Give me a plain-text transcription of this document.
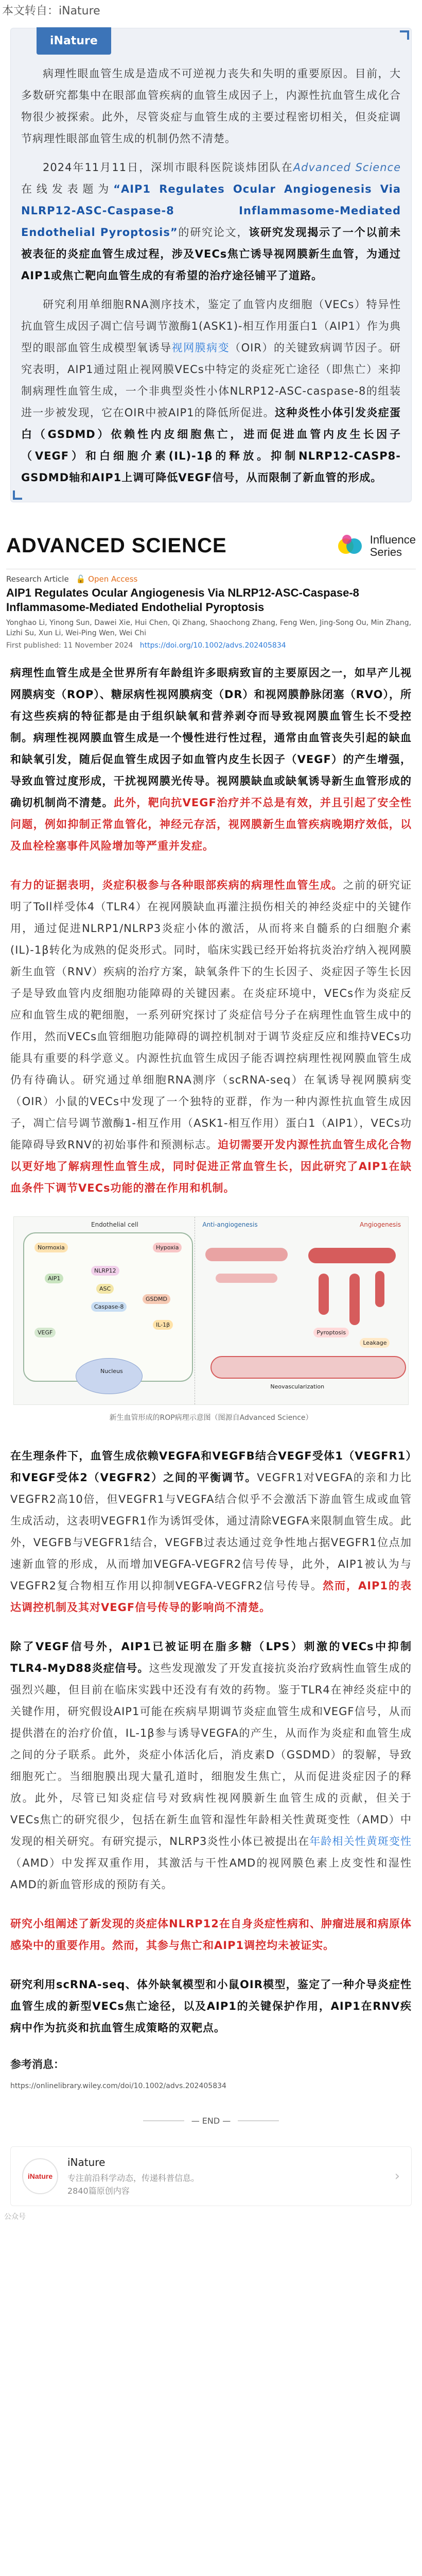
本文转自：iNature
iNature

病理性眼血管生成是造成不可逆视力丧失和失明的重要原因。目前，大多数研究都集中在眼部血管疾病的血管生成因子上，内源性抗血管生成化合物很少被探索。此外，尽管炎症与血管生成的主要过程密切相关，但炎症调节病理性眼部血管生成的机制仍然不清楚。

2024年11月11日，深圳市眼科医院谈炜团队在Advanced Science在线发表题为“AIP1 Regulates Ocular Angiogenesis Via NLRP12-ASC-Caspase-8 Inflammasome-Mediated Endothelial Pyroptosis”的研究论文，该研究发现揭示了一个以前未被表征的炎症血管生成过程，涉及VECs焦亡诱导视网膜新生血管，为通过AIP1或焦亡靶向血管生成的有希望的治疗途径铺平了道路。

研究利用单细胞RNA测序技术，鉴定了血管内皮细胞（VECs）特异性抗血管生成因子凋亡信号调节激酶1(ASK1)-相互作用蛋白1（AIP1）作为典型的眼部血管生成模型氧诱导视网膜病变（OIR）的关键致病调节因子。研究表明，AIP1通过阻止视网膜VECs中特定的炎症死亡途径（即焦亡）来抑制病理性血管生成，一个非典型炎性小体NLRP12-ASC-caspase-8的组装进一步被发现，它在OIR中被AIP1的降低所促进。这种炎性小体引发炎症蛋白（GSDMD）依赖性内皮细胞焦亡，进而促进血管内皮生长因子（VEGF）和白细胞介素(IL)-1β的释放。抑制NLRP12-CASP8-GSDMD轴和AIP1上调可降低VEGF信号，从而限制了新血管的形成。

ADVANCED SCIENCE	Influence
Series
Research Article 🔓 Open Access
AIP1 Regulates Ocular Angiogenesis Via NLRP12-ASC-Caspase-8 Inflammasome-Mediated Endothelial Pyroptosis
Yonghao Li, Yinong Sun, Dawei Xie, Hui Chen, Qi Zhang, Shaochong Zhang, Feng Wen, Jing-Song Ou, Min Zhang, Lizhi Su, Xun Li, Wei-Ping Wen, Wei Chi
First published: 11 November 2024 https://doi.org/10.1002/advs.202405834

病理性血管生成是全世界所有年龄组许多眼病致盲的主要原因之一，如早产儿视网膜病变（ROP）、糖尿病性视网膜病变（DR）和视网膜静脉闭塞（RVO），所有这些疾病的特征都是由于组织缺氧和营养剥夺而导致视网膜血管生长不受控制。病理性视网膜血管生成是一个慢性进行性过程，通常由血管丧失引起的缺血和缺氧引发，随后促血管生成因子如血管内皮生长因子（VEGF）的产生增强，导致血管过度形成，干扰视网膜光传导。视网膜缺血或缺氧诱导新生血管形成的确切机制尚不清楚。此外，靶向抗VEGF治疗并不总是有效，并且引起了安全性问题，例如抑制正常血管化，神经元存活，视网膜新生血管疾病晚期疗效低，以及血栓栓塞事件风险增加等严重并发症。

有力的证据表明，炎症积极参与各种眼部疾病的病理性血管生成。之前的研究证明了Toll样受体4（TLR4）在视网膜缺血再灌注损伤相关的神经炎症中的关键作用，通过促进NLRP1/NLRP3炎症小体的激活，从而将来自髓系的白细胞介素(IL)-1β转化为成熟的促炎形式。同时，临床实践已经开始将抗炎治疗纳入视网膜新生血管（RNV）疾病的治疗方案，缺氧条件下的生长因子、炎症因子等生长因子是导致血管内皮细胞功能障碍的关键因素。在炎症环境中，VECs作为炎症反应和血管生成的靶细胞，一系列研究探讨了炎症信号分子在病理性血管生成中的作用，然而VECs血管细胞功能障碍的调控机制对于调节炎症反应和维持VECs功能具有重要的科学意义。内源性抗血管生成因子能否调控病理性视网膜血管生成仍有待确认。研究通过单细胞RNA测序（scRNA-seq）在氧诱导视网膜病变（OIR）小鼠的VECs中发现了一个独特的亚群，作为一种内源性抗血管生成因子，凋亡信号调节激酶1-相互作用（ASK1-相互作用）蛋白1（AIP1），VECs功能障碍导致RNV的初始事件和预测标志。迫切需要开发内源性抗血管生成化合物以更好地了解病理性血管生成，同时促进正常血管生长，因此研究了AIP1在缺血条件下调节VECs功能的潜在作用和机制。

Endothelial cell
Normoxia	Hypoxia
AIP1
NLRP12
ASC
Caspase-8
GSDMD
IL-1β
VEGF
Nucleus
Anti-angiogenesis	Angiogenesis
Pyroptosis
Leakage
Neovascularization
新生血管形成的ROP病理示意图（图源自Advanced Science）

在生理条件下，血管生成依赖VEGFA和VEGFB结合VEGF受体1（VEGFR1）和VEGF受体2（VEGFR2）之间的平衡调节。VEGFR1对VEGFA的亲和力比VEGFR2高10倍，但VEGFR1与VEGFA结合似乎不会激活下游血管生成或血管生成活动，这表明VEGFR1作为诱饵受体，通过清除VEGFA来限制血管生成。此外，VEGFB与VEGFR1结合，VEGFB过表达通过竞争性地占据VEGFR1位点加速新血管的形成，从而增加VEGFA-VEGFR2信号传导，此外，AIP1被认为与VEGFR2复合物相互作用以抑制VEGFA-VEGFR2信号传导。然而，AIP1的表达调控机制及其对VEGF信号传导的影响尚不清楚。

除了VEGF信号外，AIP1已被证明在脂多糖（LPS）刺激的VECs中抑制TLR4-MyD88炎症信号。这些发现激发了开发直接抗炎治疗致病性血管生成的强烈兴趣，但目前在临床实践中还没有有效的药物。鉴于TLR4在神经炎症中的关键作用，研究假设AIP1可能在疾病早期调节炎症血管生成和VEGF信号，从而提供潜在的治疗价值，IL-1β参与诱导VEGFA的产生，从而作为炎症和血管生成之间的分子联系。此外，炎症小体活化后，消皮素D（GSDMD）的裂解，导致细胞死亡。当细胞膜出现大量孔道时，细胞发生焦亡，从而促进炎症因子的释放。此外，尽管已知炎症信号对致病性视网膜新生血管生成的贡献，但关于VECs焦亡的研究很少，包括在新生血管和湿性年龄相关性黄斑变性（AMD）中发现的相关研究。有研究提示，NLRP3炎性小体已被提出在年龄相关性黄斑变性（AMD）中发挥双重作用，其激活与干性AMD的视网膜色素上皮变性和湿性AMD的新血管形成的预防有关。

研究小组阐述了新发现的炎症体NLRP12在自身炎症性病和、肿瘤进展和病原体感染中的重要作用。然而，其参与焦亡和AIP1调控均未被证实。

研究利用scRNA-seq、体外缺氧模型和小鼠OIR模型，鉴定了一种介导炎症性血管生成的新型VECs焦亡途径，以及AIP1的关键保护作用，AIP1在RNV疾病中作为抗炎和抗血管生成策略的双靶点。

参考消息：
https://onlinelibrary.wiley.com/doi/10.1002/advs.202405834
— END —
iNature
iNature
专注前沿科学动态，传递科普信息。
2840篇原创内容
›
公众号
